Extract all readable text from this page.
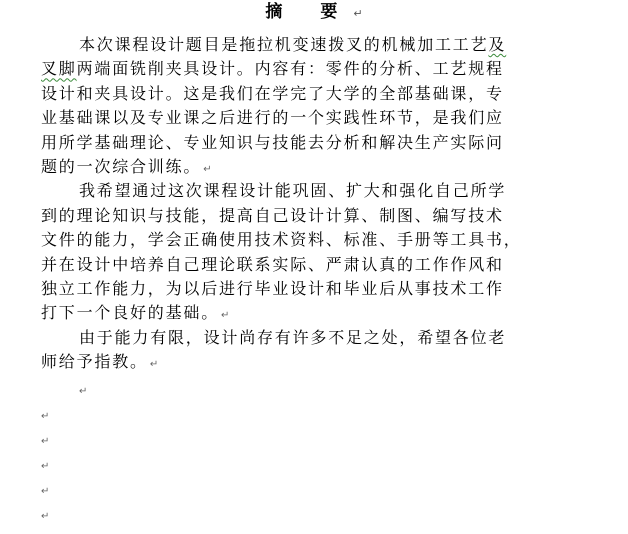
摘 要↵

本次课程设计题目是拖拉机变速拨叉的机械加工工艺及
叉脚两端面铣削夹具设计。内容有：零件的分析、工艺规程
设计和夹具设计。这是我们在学完了大学的全部基础课，专
业基础课以及专业课之后进行的一个实践性环节，是我们应
用所学基础理论、专业知识与技能去分析和解决生产实际问
题的一次综合训练。 ↵

我希望通过这次课程设计能巩固、扩大和强化自己所学
到的理论知识与技能，提高自己设计计算、制图、编写技术
文件的能力，学会正确使用技术资料、标准、手册等工具书，
并在设计中培养自己理论联系实际、严肃认真的工作作风和
独立工作能力，为以后进行毕业设计和毕业后从事技术工作
打下一个良好的基础。 ↵

由于能力有限，设计尚存有许多不足之处，希望各位老
师给予指教。 ↵

↵
↵
↵
↵
↵
↵
